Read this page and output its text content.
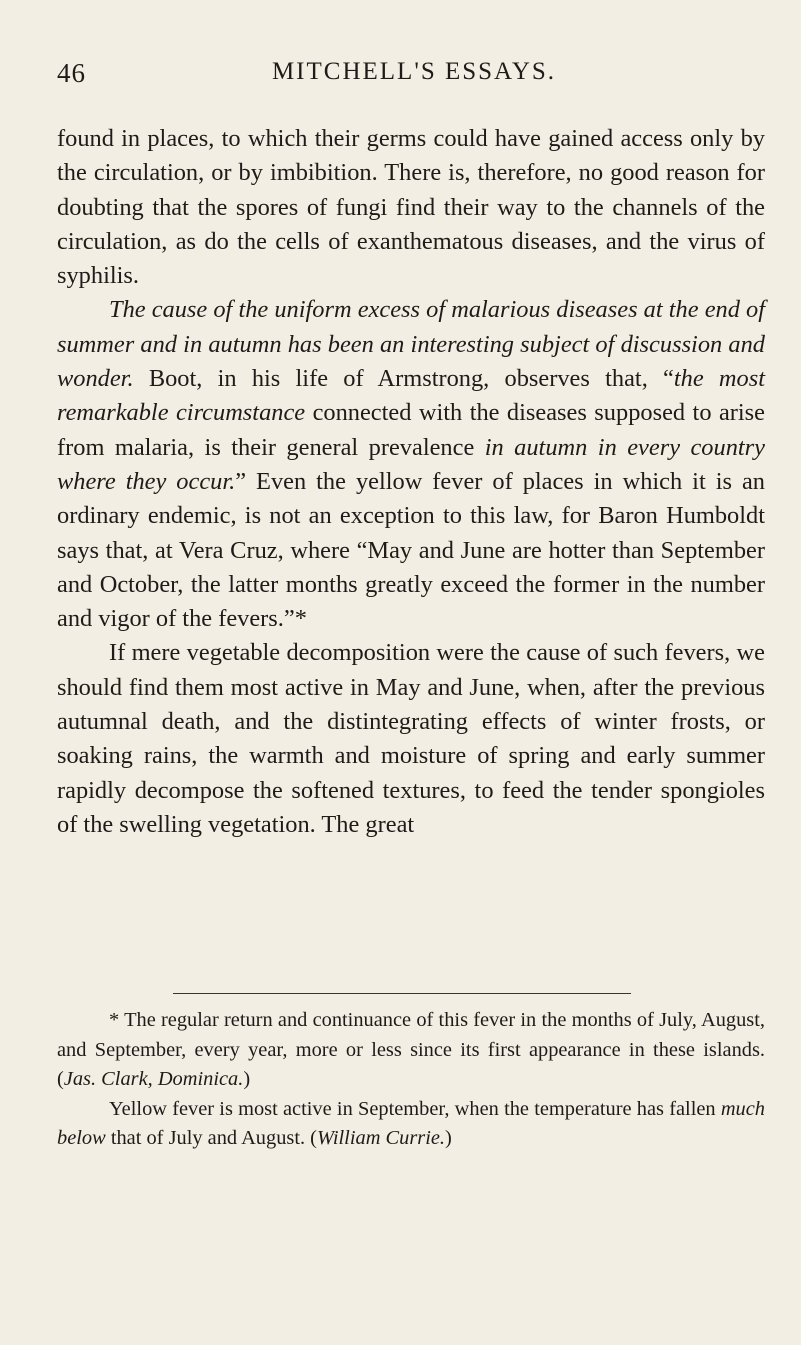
46	MITCHELL'S ESSAYS.

found in places, to which their germs could have gained access only by the circulation, or by imbibition. There is, therefore, no good reason for doubting that the spores of fungi find their way to the channels of the circulation, as do the cells of exanthematous diseases, and the virus of syphilis.

The cause of the uniform excess of malarious diseases at the end of summer and in autumn has been an interesting subject of discussion and wonder. Boot, in his life of Armstrong, observes that, “the most remarkable circumstance connected with the diseases supposed to arise from malaria, is their general prevalence in autumn in every country where they occur.” Even the yellow fever of places in which it is an ordinary endemic, is not an exception to this law, for Baron Humboldt says that, at Vera Cruz, where “May and June are hotter than September and October, the latter months greatly exceed the former in the number and vigor of the fevers.”*

If mere vegetable decomposition were the cause of such fevers, we should find them most active in May and June, when, after the previous autumnal death, and the distintegrating effects of winter frosts, or soaking rains, the warmth and moisture of spring and early summer rapidly decompose the softened textures, to feed the tender spongioles of the swelling vegetation. The great

* The regular return and continuance of this fever in the months of July, August, and September, every year, more or less since its first appearance in these islands. (Jas. Clark, Dominica.)

Yellow fever is most active in September, when the temperature has fallen much below that of July and August. (William Currie.)
